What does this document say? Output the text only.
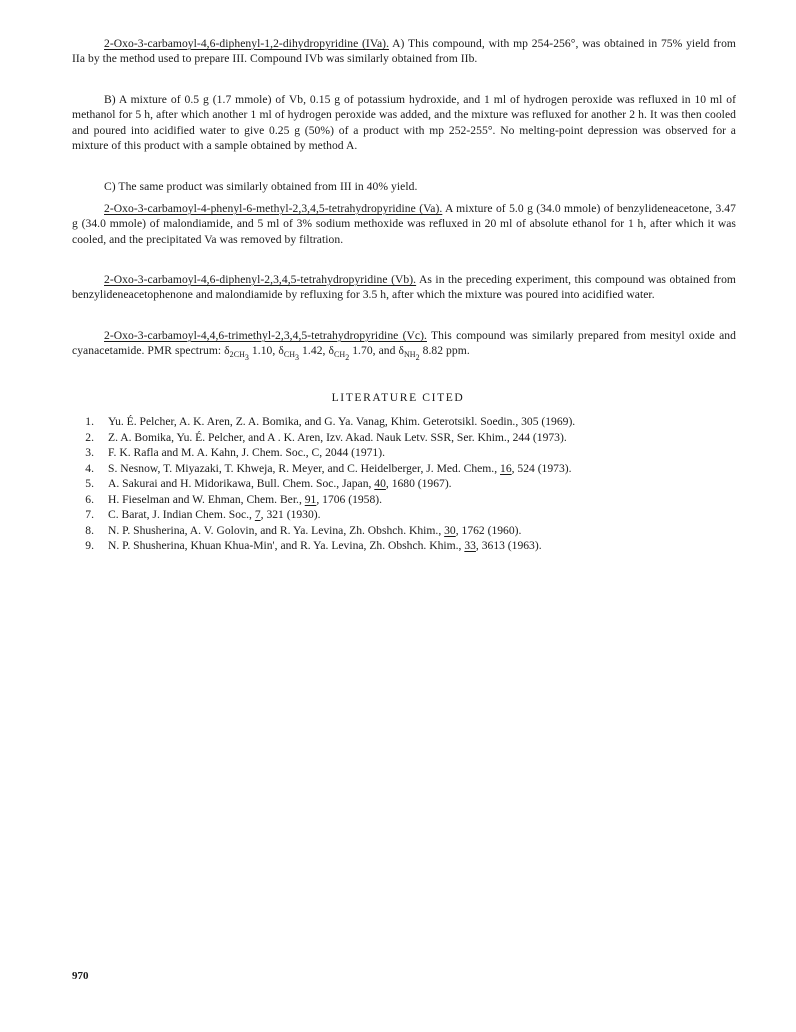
2-Oxo-3-carbamoyl-4,6-diphenyl-1,2-dihydropyridine (IVa). A) This compound, with mp 254-256°, was obtained in 75% yield from IIa by the method used to prepare III. Compound IVb was similarly obtained from IIb.
B) A mixture of 0.5 g (1.7 mmole) of Vb, 0.15 g of potassium hydroxide, and 1 ml of hydrogen peroxide was refluxed in 10 ml of methanol for 5 h, after which another 1 ml of hydrogen peroxide was added, and the mixture was refluxed for another 2 h. It was then cooled and poured into acidified water to give 0.25 g (50%) of a product with mp 252-255°. No melting-point depression was observed for a mixture of this product with a sample obtained by method A.
C) The same product was similarly obtained from III in 40% yield.
2-Oxo-3-carbamoyl-4-phenyl-6-methyl-2,3,4,5-tetrahydropyridine (Va). A mixture of 5.0 g (34.0 mmole) of benzylideneacetone, 3.47 g (34.0 mmole) of malondiamide, and 5 ml of 3% sodium methoxide was refluxed in 20 ml of absolute ethanol for 1 h, after which it was cooled, and the precipitated Va was removed by filtration.
2-Oxo-3-carbamoyl-4,6-diphenyl-2,3,4,5-tetrahydropyridine (Vb). As in the preceding experiment, this compound was obtained from benzylideneacetophenone and malondiamide by refluxing for 3.5 h, after which the mixture was poured into acidified water.
2-Oxo-3-carbamoyl-4,4,6-trimethyl-2,3,4,5-tetrahydropyridine (Vc). This compound was similarly prepared from mesityl oxide and cyanacetamide. PMR spectrum: $\delta_{2CH_3}$ 1.10, $\delta_{CH_3}$ 1.42, $\delta_{CH_2}$ 1.70, and $\delta_{NH_2}$ 8.82 ppm.
LITERATURE CITED
1.	Yu. É. Pelcher, A. K. Aren, Z. A. Bomika, and G. Ya. Vanag, Khim. Geterotsikl. Soedin., 305 (1969).
2.	Z. A. Bomika, Yu. É. Pelcher, and A . K. Aren, Izv. Akad. Nauk Letv. SSR, Ser. Khim., 244 (1973).
3.	F. K. Rafla and M. A. Kahn, J. Chem. Soc., C, 2044 (1971).
4.	S. Nesnow, T. Miyazaki, T. Khweja, R. Meyer, and C. Heidelberger, J. Med. Chem., 16, 524 (1973).
5.	A. Sakurai and H. Midorikawa, Bull. Chem. Soc., Japan, 40, 1680 (1967).
6.	H. Fieselman and W. Ehman, Chem. Ber., 91, 1706 (1958).
7.	C. Barat, J. Indian Chem. Soc., 7, 321 (1930).
8.	N. P. Shusherina, A. V. Golovin, and R. Ya. Levina, Zh. Obshch. Khim., 30, 1762 (1960).
9.	N. P. Shusherina, Khuan Khua-Min', and R. Ya. Levina, Zh. Obshch. Khim., 33, 3613 (1963).
970
